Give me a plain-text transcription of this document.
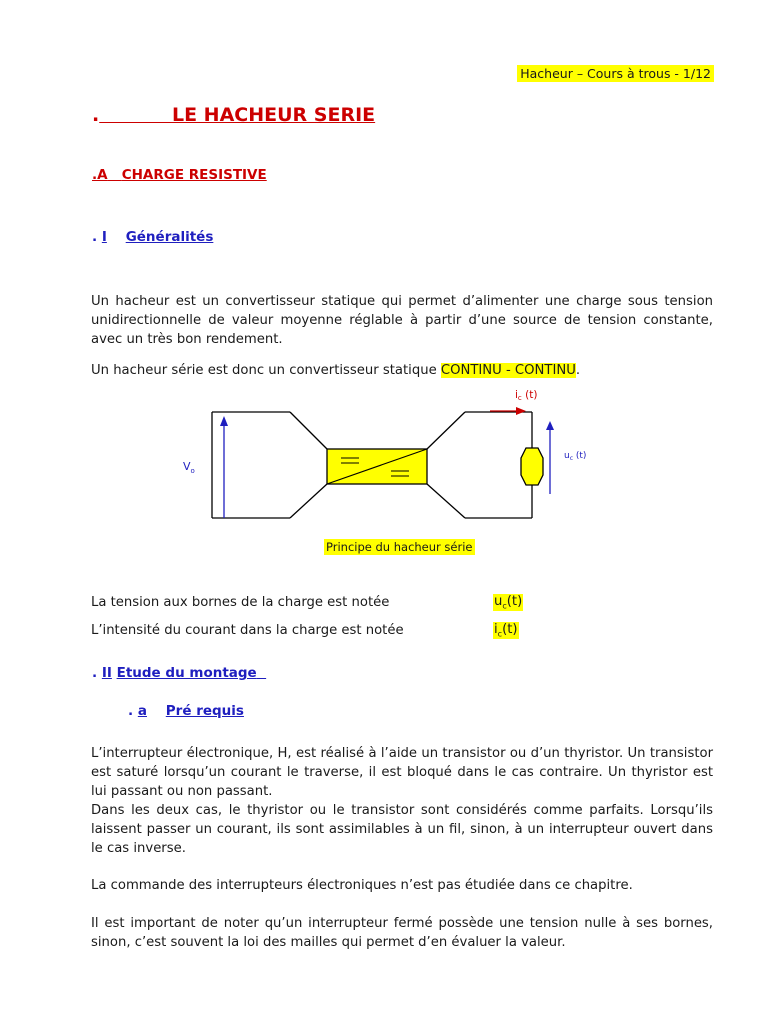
Hacheur – Cours à trous - 1/12
.	LE HACHEUR SERIE
.A CHARGE RESISTIVE
. I Généralités
Un hacheur est un convertisseur statique qui permet d’alimenter une charge sous tension unidirectionnelle de valeur moyenne réglable à partir d’une source de tension constante, avec un très bon rendement.
Un hacheur série est donc un convertisseur statique CONTINU - CONTINU.
$V_o$
ic (t)
$u_c$ (t)
Principe du hacheur série
La tension aux bornes de la charge est notée	$u_c(t)$
L’intensité du courant dans la charge est notée	$i_c(t)$
. II Etude du montage
. a Pré requis
L’interrupteur électronique, H, est réalisé à l’aide un transistor ou d’un thyristor. Un transistor est saturé lorsqu’un courant le traverse, il est bloqué dans le cas contraire. Un thyristor est lui passant ou non passant.
Dans les deux cas, le thyristor ou le transistor sont considérés comme parfaits. Lorsqu’ils laissent passer un courant, ils sont assimilables à un fil, sinon, à un interrupteur ouvert dans le cas inverse.
La commande des interrupteurs électroniques n’est pas étudiée dans ce chapitre.
Il est important de noter qu’un interrupteur fermé possède une tension nulle à ses bornes, sinon, c’est souvent la loi des mailles qui permet d’en évaluer la valeur.
